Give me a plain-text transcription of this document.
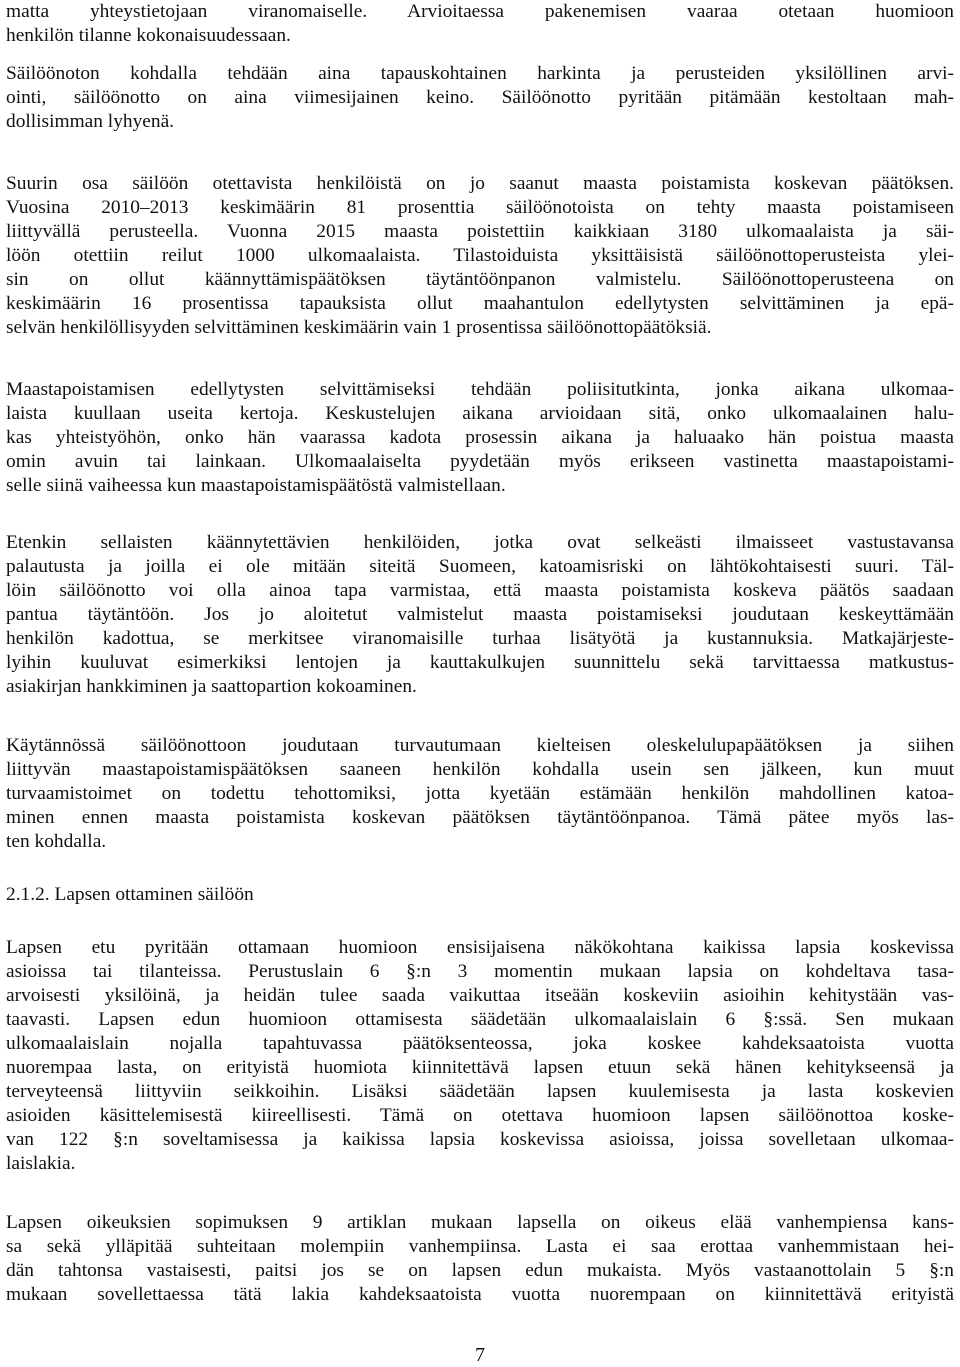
matta yhteystietojaan viranomaiselle. Arvioitaessa pakenemisen vaaraa otetaan huomioon
henkilön tilanne kokonaisuudessaan.
Säilöönoton kohdalla tehdään aina tapauskohtainen harkinta ja perusteiden yksilöllinen arvi-
ointi, säilöönotto on aina viimesijainen keino. Säilöönotto pyritään pitämään kestoltaan mah-
dollisimman lyhyenä.
Suurin osa säilöön otettavista henkilöistä on jo saanut maasta poistamista koskevan päätöksen.
Vuosina 2010‒2013 keskimäärin 81 prosenttia säilöönotoista on tehty maasta poistamiseen
liittyvällä perusteella. Vuonna 2015 maasta poistettiin kaikkiaan 3180 ulkomaalaista ja säi-
löön otettiin reilut 1000 ulkomaalaista. Tilastoiduista yksittäisistä säilöönottoperusteista ylei-
sin on ollut käännyttämispäätöksen täytäntöönpanon valmistelu. Säilöönottoperusteena on
keskimäärin 16 prosentissa tapauksista ollut maahantulon edellytysten selvittäminen ja epä-
selvän henkilöllisyyden selvittäminen keskimäärin vain 1 prosentissa säilöönottopäätöksiä.
Maastapoistamisen edellytysten selvittämiseksi tehdään poliisitutkinta, jonka aikana ulkomaa-
laista kuullaan useita kertoja. Keskustelujen aikana arvioidaan sitä, onko ulkomaalainen halu-
kas yhteistyöhön, onko hän vaarassa kadota prosessin aikana ja haluaako hän poistua maasta
omin avuin tai lainkaan. Ulkomaalaiselta pyydetään myös erikseen vastinetta maastapoistami-
selle siinä vaiheessa kun maastapoistamispäätöstä valmistellaan.
Etenkin sellaisten käännytettävien henkilöiden, jotka ovat selkeästi ilmaisseet vastustavansa
palautusta ja joilla ei ole mitään siteitä Suomeen, katoamisriski on lähtökohtaisesti suuri. Täl-
löin säilöönotto voi olla ainoa tapa varmistaa, että maasta poistamista koskeva päätös saadaan
pantua täytäntöön. Jos jo aloitetut valmistelut maasta poistamiseksi joudutaan keskeyttämään
henkilön kadottua, se merkitsee viranomaisille turhaa lisätyötä ja kustannuksia. Matkajärjeste-
lyihin kuuluvat esimerkiksi lentojen ja kauttakulkujen suunnittelu sekä tarvittaessa matkustus-
asiakirjan hankkiminen ja saattopartion kokoaminen.
Käytännössä säilöönottoon joudutaan turvautumaan kielteisen oleskelulupapäätöksen ja siihen
liittyvän maastapoistamispäätöksen saaneen henkilön kohdalla usein sen jälkeen, kun muut
turvaamistoimet on todettu tehottomiksi, jotta kyetään estämään henkilön mahdollinen katoa-
minen ennen maasta poistamista koskevan päätöksen täytäntöönpanoa. Tämä pätee myös las-
ten kohdalla.
2.1.2. Lapsen ottaminen säilöön
Lapsen etu pyritään ottamaan huomioon ensisijaisena näkökohtana kaikissa lapsia koskevissa
asioissa tai tilanteissa. Perustuslain 6 §:n 3 momentin mukaan lapsia on kohdeltava tasa-
arvoisesti yksilöinä, ja heidän tulee saada vaikuttaa itseään koskeviin asioihin kehitystään vas-
taavasti. Lapsen edun huomioon ottamisesta säädetään ulkomaalaislain 6 §:ssä. Sen mukaan
ulkomaalaislain nojalla tapahtuvassa päätöksenteossa, joka koskee kahdeksaatoista vuotta
nuorempaa lasta, on erityistä huomiota kiinnitettävä lapsen etuun sekä hänen kehitykseensä ja
terveyteensä liittyviin seikkoihin. Lisäksi säädetään lapsen kuulemisesta ja lasta koskevien
asioiden käsittelemisestä kiireellisesti. Tämä on otettava huomioon lapsen säilöönottoa koske-
van 122 §:n soveltamisessa ja kaikissa lapsia koskevissa asioissa, joissa sovelletaan ulkomaa-
laislakia.
Lapsen oikeuksien sopimuksen 9 artiklan mukaan lapsella on oikeus elää vanhempiensa kans-
sa sekä ylläpitää suhteitaan molempiin vanhempiinsa. Lasta ei saa erottaa vanhemmistaan hei-
dän tahtonsa vastaisesti, paitsi jos se on lapsen edun mukaista. Myös vastaanottolain 5 §:n
mukaan sovellettaessa tätä lakia kahdeksaatoista vuotta nuorempaan on kiinnitettävä erityistä
7
